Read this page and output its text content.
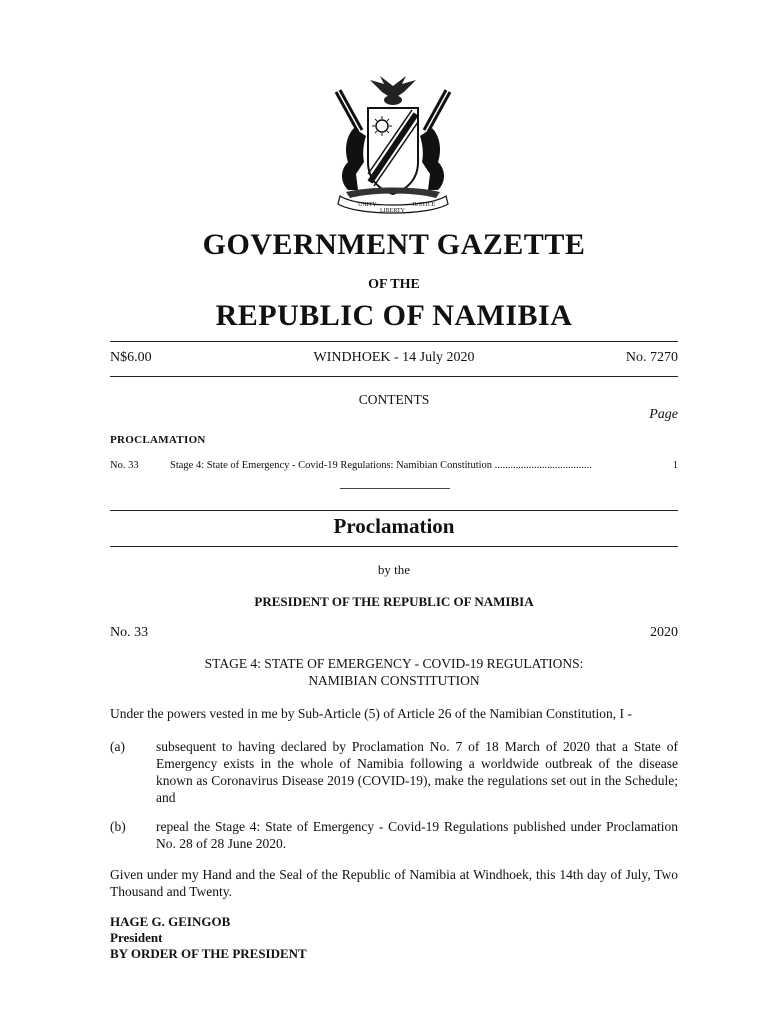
UNITY
LIBERTY
JUSTICE
GOVERNMENT GAZETTE
OF THE
REPUBLIC OF NAMIBIA
N$6.00	WINDHOEK - 14 July 2020	No. 7270
CONTENTS
Page
PROCLAMATION
No. 33	Stage 4: State of Emergency - Covid-19 Regulations: Namibian Constitution .....................................	1
Proclamation
by the
PRESIDENT OF THE REPUBLIC OF NAMIBIA
No. 33	2020
STAGE 4: STATE OF EMERGENCY - COVID-19 REGULATIONS:
NAMIBIAN CONSTITUTION
Under the powers vested in me by Sub-Article (5) of Article 26 of the Namibian Constitution, I -
(a) subsequent to having declared by Proclamation No. 7 of 18 March of 2020 that a State of Emergency exists in the whole of Namibia following a worldwide outbreak of the disease known as Coronavirus Disease 2019 (COVID-19), make the regulations set out in the Schedule; and
(b) repeal the Stage 4: State of Emergency - Covid-19 Regulations published under Proclamation No. 28 of 28 June 2020.
Given under my Hand and the Seal of the Republic of Namibia at Windhoek, this 14th day of July, Two Thousand and Twenty.
HAGE G. GEINGOB
President
BY ORDER OF THE PRESIDENT
